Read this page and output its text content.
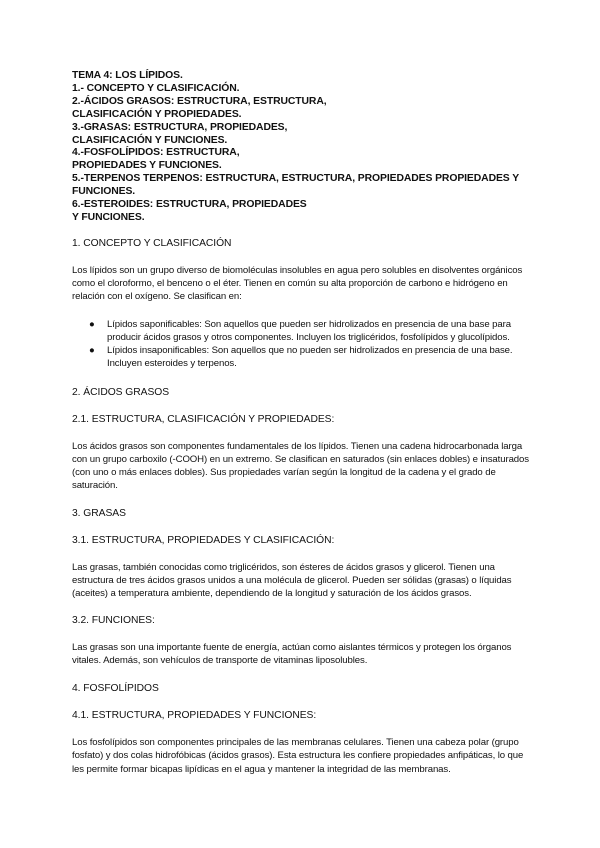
TEMA 4: LOS LÍPIDOS.
1.- CONCEPTO Y CLASIFICACIÓN.
2.-ÁCIDOS GRASOS: ESTRUCTURA, ESTRUCTURA,
CLASIFICACIÓN Y PROPIEDADES.
3.-GRASAS: ESTRUCTURA, PROPIEDADES,
CLASIFICACIÓN Y FUNCIONES.
4.-FOSFOLÍPIDOS: ESTRUCTURA,
PROPIEDADES Y FUNCIONES.
5.-TERPENOS TERPENOS: ESTRUCTURA, ESTRUCTURA, PROPIEDADES PROPIEDADES Y
FUNCIONES.
6.-ESTEROIDES: ESTRUCTURA, PROPIEDADES
Y FUNCIONES.

1. CONCEPTO Y CLASIFICACIÓN

Los lípidos son un grupo diverso de biomoléculas insolubles en agua pero solubles en disolventes orgánicos como el cloroformo, el benceno o el éter. Tienen en común su alta proporción de carbono e hidrógeno en relación con el oxígeno. Se clasifican en:

● Lípidos saponificables: Son aquellos que pueden ser hidrolizados en presencia de una base para producir ácidos grasos y otros componentes. Incluyen los triglicéridos, fosfolípidos y glucolípidos.
● Lípidos insaponificables: Son aquellos que no pueden ser hidrolizados en presencia de una base. Incluyen esteroides y terpenos.

2. ÁCIDOS GRASOS

2.1. ESTRUCTURA, CLASIFICACIÓN Y PROPIEDADES:

Los ácidos grasos son componentes fundamentales de los lípidos. Tienen una cadena hidrocarbonada larga con un grupo carboxilo (-COOH) en un extremo. Se clasifican en saturados (sin enlaces dobles) e insaturados (con uno o más enlaces dobles). Sus propiedades varían según la longitud de la cadena y el grado de saturación.

3. GRASAS

3.1. ESTRUCTURA, PROPIEDADES Y CLASIFICACIÓN:

Las grasas, también conocidas como triglicéridos, son ésteres de ácidos grasos y glicerol. Tienen una estructura de tres ácidos grasos unidos a una molécula de glicerol. Pueden ser sólidas (grasas) o líquidas (aceites) a temperatura ambiente, dependiendo de la longitud y saturación de los ácidos grasos.

3.2. FUNCIONES:

Las grasas son una importante fuente de energía, actúan como aislantes térmicos y protegen los órganos vitales. Además, son vehículos de transporte de vitaminas liposolubles.

4. FOSFOLÍPIDOS

4.1. ESTRUCTURA, PROPIEDADES Y FUNCIONES:

Los fosfolípidos son componentes principales de las membranas celulares. Tienen una cabeza polar (grupo fosfato) y dos colas hidrofóbicas (ácidos grasos). Esta estructura les confiere propiedades anfipáticas, lo que les permite formar bicapas lipídicas en el agua y mantener la integridad de las membranas.
